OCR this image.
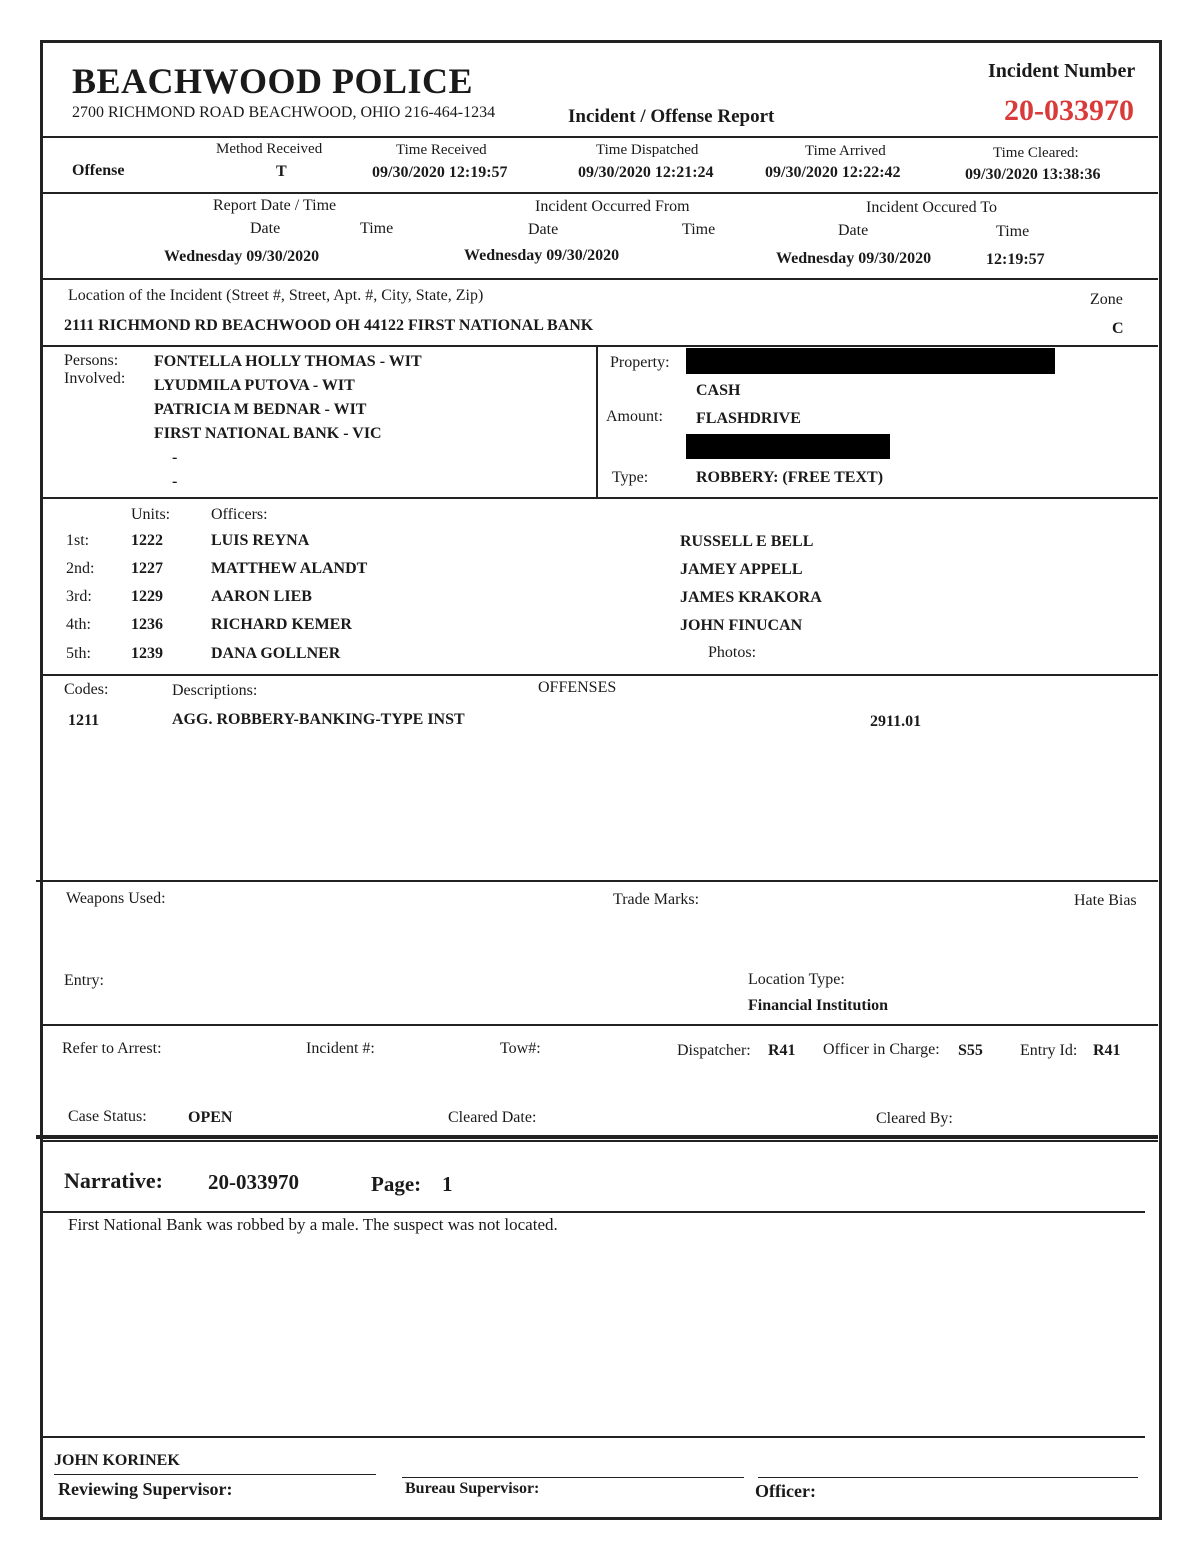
BEACHWOOD POLICE
2700 RICHMOND ROAD BEACHWOOD, OHIO 216-464-1234	Incident / Offense Report
Incident Number
20-033970
Offense
Method Received
T
Time Received
09/30/2020 12:19:57
Time Dispatched
09/30/2020 12:21:24
Time Arrived
09/30/2020 12:22:42
Time Cleared:
09/30/2020 13:38:36
Report Date / Time
Date	Time
Wednesday 09/30/2020
Incident Occurred From
Date	Time
Wednesday 09/30/2020
Incident Occured To
Date	Time
Wednesday 09/30/2020	12:19:57
Location of the Incident (Street #, Street, Apt. #, City, State, Zip)
2111 RICHMOND RD BEACHWOOD OH 44122 FIRST NATIONAL BANK
Zone
C
Persons:
Involved:
FONTELLA HOLLY THOMAS - WIT
LYUDMILA PUTOVA - WIT
PATRICIA M BEDNAR - WIT
FIRST NATIONAL BANK - VIC
-
-
Property:
CASH
Amount: FLASHDRIVE
Type:	ROBBERY: (FREE TEXT)
Units:	Officers:
1st:	1222	LUIS REYNA	RUSSELL E BELL
2nd: 1227	MATTHEW ALANDT	JAMEY APPELL
3rd: 1229	AARON LIEB	JAMES KRAKORA
4th:	1236	RICHARD KEMER	JOHN FINUCAN
5th:	1239	DANA GOLLNER	Photos:
Codes:	Descriptions:	OFFENSES
1211	AGG. ROBBERY-BANKING-TYPE INST	2911.01
Weapons Used:	Trade Marks:	Hate Bias
Entry:	Location Type:
Financial Institution
Refer to Arrest:	Incident #:	Tow#:	Dispatcher: R41 Officer in Charge: S55 Entry Id: R41
Case Status:	OPEN	Cleared Date:	Cleared By:
Narrative: 20-033970	Page: 1
First National Bank was robbed by a male. The suspect was not located.
JOHN KORINEK
Reviewing Supervisor:	Bureau Supervisor:	Officer:
